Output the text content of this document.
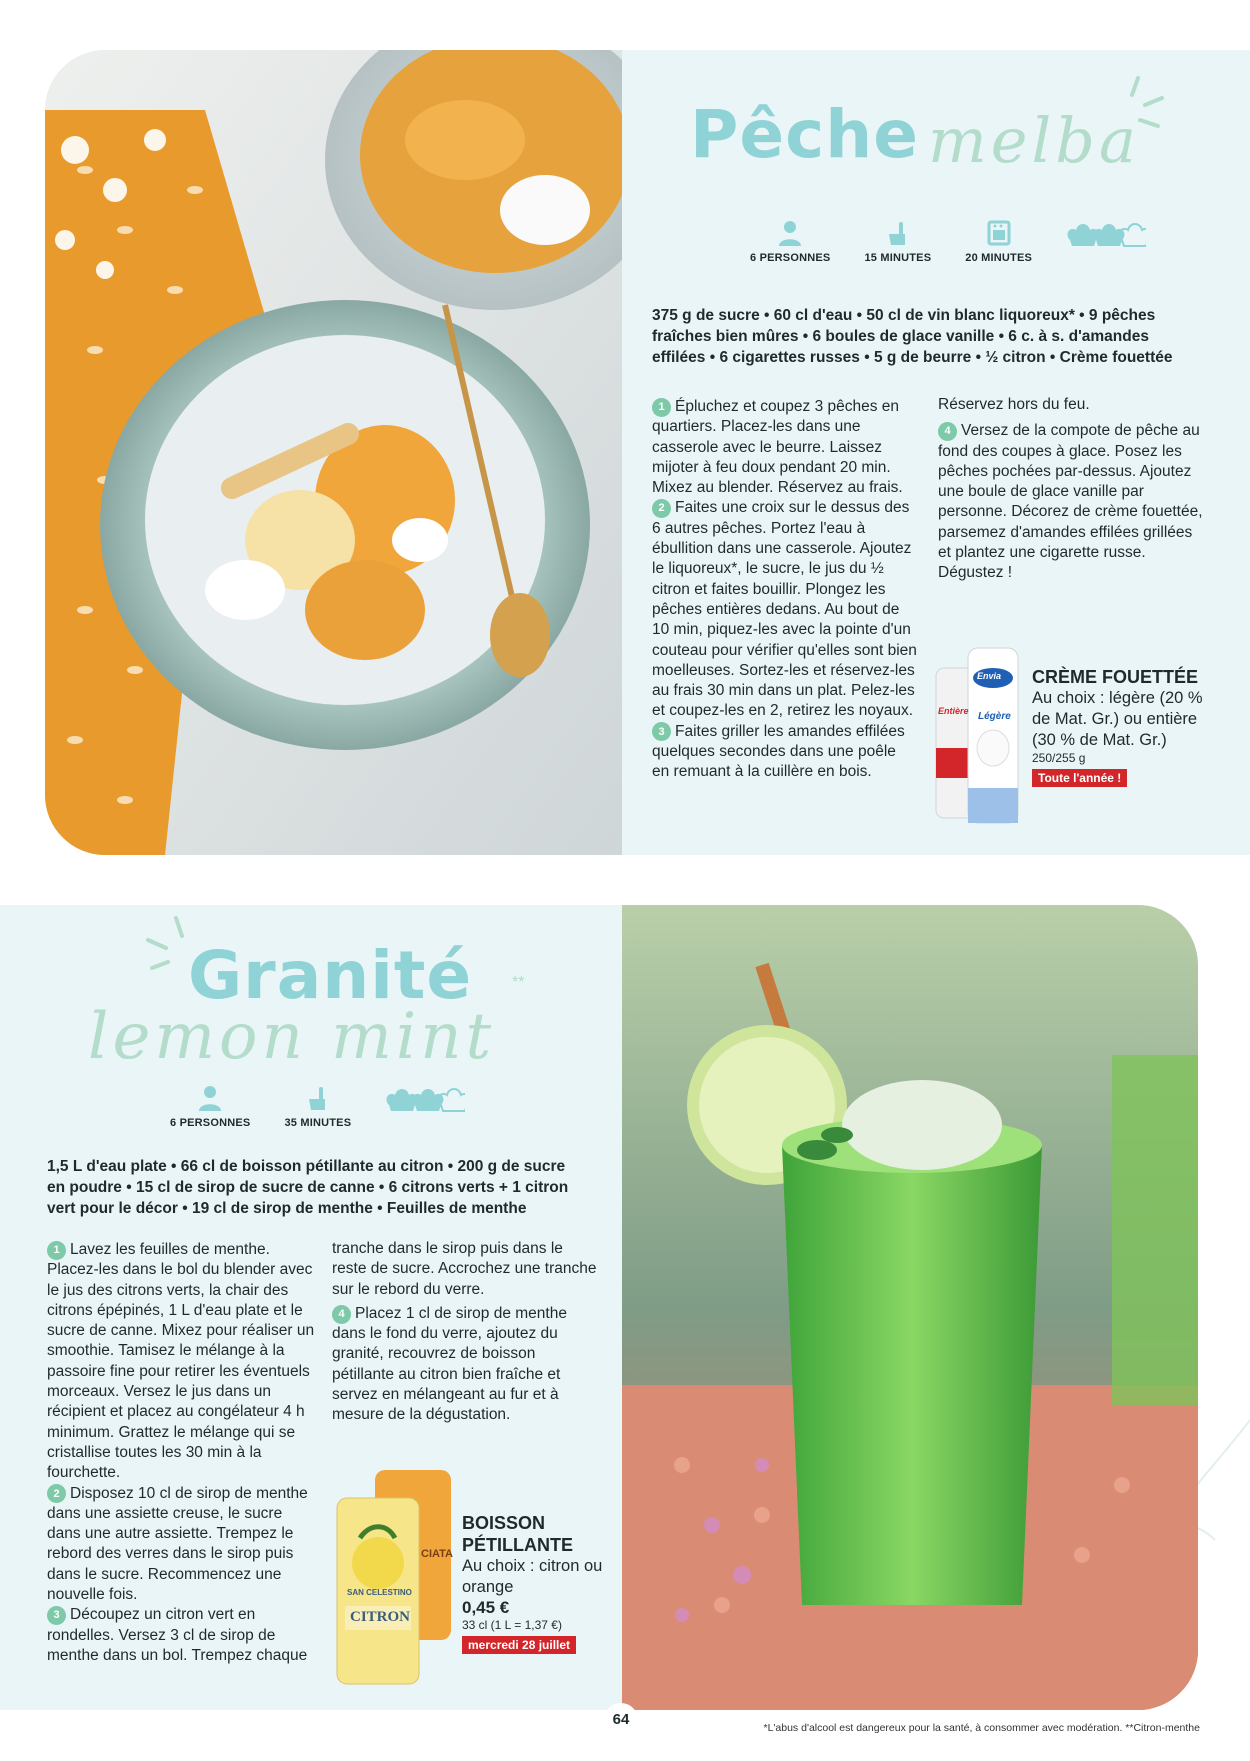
Pêche melba
6 PERSONNES	15 MINUTES	20 MINUTES
375 g de sucre • 60 cl d'eau • 50 cl de vin blanc liquoreux* • 9 pêches fraîches bien mûres • 6 boules de glace vanille • 6 c. à s. d'amandes effilées • 6 cigarettes russes • 5 g de beurre • ½ citron • Crème fouettée
1 Épluchez et coupez 3 pêches en quartiers. Placez-les dans une casserole avec le beurre. Laissez mijoter à feu doux pendant 20 min. Mixez au blender. Réservez au frais.
2 Faites une croix sur le dessus des 6 autres pêches. Portez l'eau à ébullition dans une casserole. Ajoutez le liquoreux*, le sucre, le jus du ½ citron et faites bouillir. Plongez les pêches entières dedans. Au bout de 10 min, piquez-les avec la pointe d'un couteau pour vérifier qu'elles sont bien moelleuses. Sortez-les et réservez-les au frais 30 min dans un plat. Pelez-les et coupez-les en 2, retirez les noyaux.
3 Faites griller les amandes effilées quelques secondes dans une poêle en remuant à la cuillère en bois.
Réservez hors du feu.
4 Versez de la compote de pêche au fond des coupes à glace. Posez les pêches pochées par-dessus. Ajoutez une boule de glace vanille par personne. Décorez de crème fouettée, parsemez d'amandes effilées grillées et plantez une cigarette russe. Dégustez !
Envia
Entière Légère
CRÈME FOUETTÉE
Au choix : légère (20 % de Mat. Gr.) ou entière (30 % de Mat. Gr.)
250/255 g
Toute l'année !
Granité
lemon mint
**
6 PERSONNES	35 MINUTES
1,5 L d'eau plate • 66 cl de boisson pétillante au citron • 200 g de sucre en poudre • 15 cl de sirop de sucre de canne • 6 citrons verts + 1 citron vert pour le décor • 19 cl de sirop de menthe • Feuilles de menthe
1 Lavez les feuilles de menthe. Placez-les dans le bol du blender avec le jus des citrons verts, la chair des citrons épépinés, 1 L d'eau plate et le sucre de canne. Mixez pour réaliser un smoothie. Tamisez le mélange à la passoire fine pour retirer les éventuels morceaux. Versez le jus dans un récipient et placez au congélateur 4 h minimum. Grattez le mélange qui se cristallise toutes les 30 min à la fourchette.
2 Disposez 10 cl de sirop de menthe dans une assiette creuse, le sucre dans une autre assiette. Trempez le rebord des verres dans le sirop puis dans le sucre. Recommencez une nouvelle fois.
3 Découpez un citron vert en rondelles. Versez 3 cl de sirop de menthe dans un bol. Trempez chaque
tranche dans le sirop puis dans le reste de sucre. Accrochez une tranche sur le rebord du verre.
4 Placez 1 cl de sirop de menthe dans le fond du verre, ajoutez du granité, recouvrez de boisson pétillante au citron bien fraîche et servez en mélangeant au fur et à mesure de la dégustation.
SAN CELESTINO
CITRON
CIATA
BOISSON PÉTILLANTE
Au choix : citron ou orange
0,45 €
33 cl (1 L = 1,37 €)
mercredi 28 juillet
64	*L'abus d'alcool est dangereux pour la santé, à consommer avec modération. **Citron-menthe
